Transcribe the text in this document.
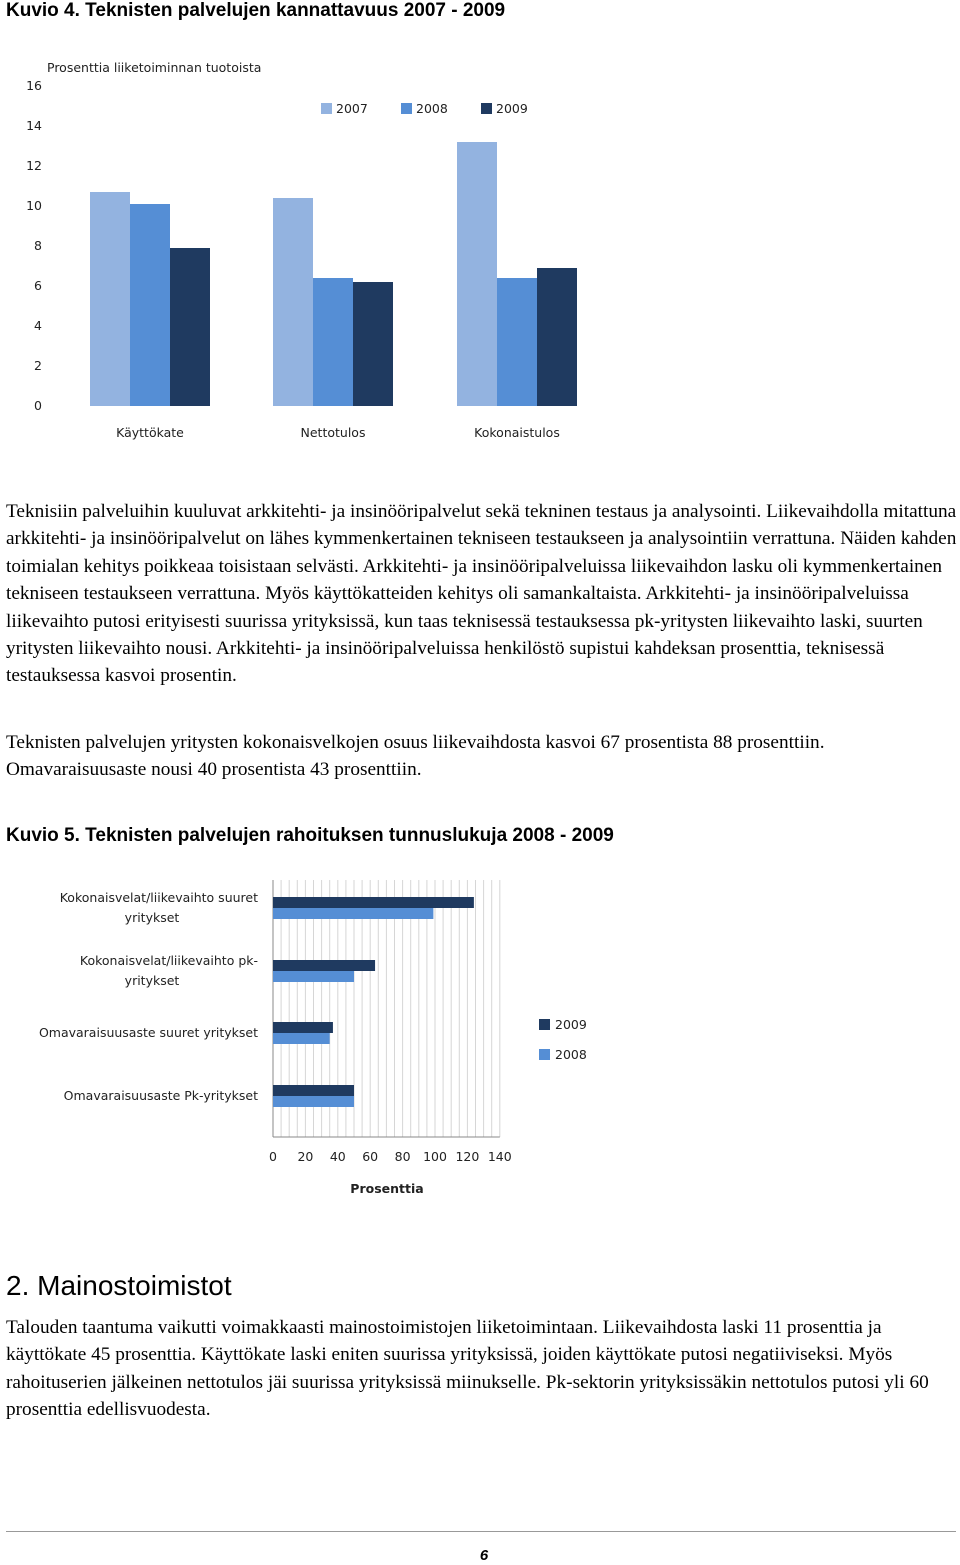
Kuvio 4. Teknisten palvelujen kannattavuus 2007 - 2009
Prosenttia liiketoiminnan tuotoista
0
2
4
6
8
10
12
14
16
Käyttökate	Nettotulos	Kokonaistulos
2007	2008	2009

Teknisiin palveluihin kuuluvat arkkitehti- ja insinööripalvelut sekä tekninen testaus ja analysointi. Liikevaihdolla mitattuna arkkitehti- ja insinööripalvelut on lähes kymmenkertainen tekniseen testaukseen ja analysointiin verrattuna. Näiden kahden toimialan kehitys poikkeaa toisistaan selvästi. Arkkitehti- ja insinööripalveluissa liikevaihdon lasku oli kymmenkertainen tekniseen testaukseen verrattuna. Myös käyttökatteiden kehitys oli samankaltaista. Arkkitehti- ja insinööripalveluissa liikevaihto putosi erityisesti suurissa yrityksissä, kun taas teknisessä testauksessa pk-yritysten liikevaihto laski, suurten yritysten liikevaihto nousi. Arkkitehti- ja insinööripalveluissa henkilöstö supistui kahdeksan prosenttia, teknisessä testauksessa kasvoi prosentin.

Teknisten palvelujen yritysten kokonaisvelkojen osuus liikevaihdosta kasvoi 67 prosentista 88 prosenttiin. Omavaraisuusaste nousi 40 prosentista 43 prosenttiin.

Kuvio 5. Teknisten palvelujen rahoituksen tunnuslukuja 2008 - 2009
Kokonaisvelat/liikevaihto suuret
yritykset
Kokonaisvelat/liikevaihto pk-
yritykset
Omavaraisuusaste suuret yritykset
Omavaraisuusaste Pk-yritykset
0 20 40 60 80 100 120 140
Prosenttia
2009
2008
2. Mainostoimistot

Talouden taantuma vaikutti voimakkaasti mainostoimistojen liiketoimintaan. Liikevaihdosta laski 11 prosenttia ja käyttökate 45 prosenttia. Käyttökate laski eniten suurissa yrityksissä, joiden käyttökate putosi negatiiviseksi. Myös rahoituserien jälkeinen nettotulos jäi suurissa yrityksissä miinukselle. Pk-sektorin yrityksissäkin nettotulos putosi yli 60 prosenttia edellisvuodesta.

6
